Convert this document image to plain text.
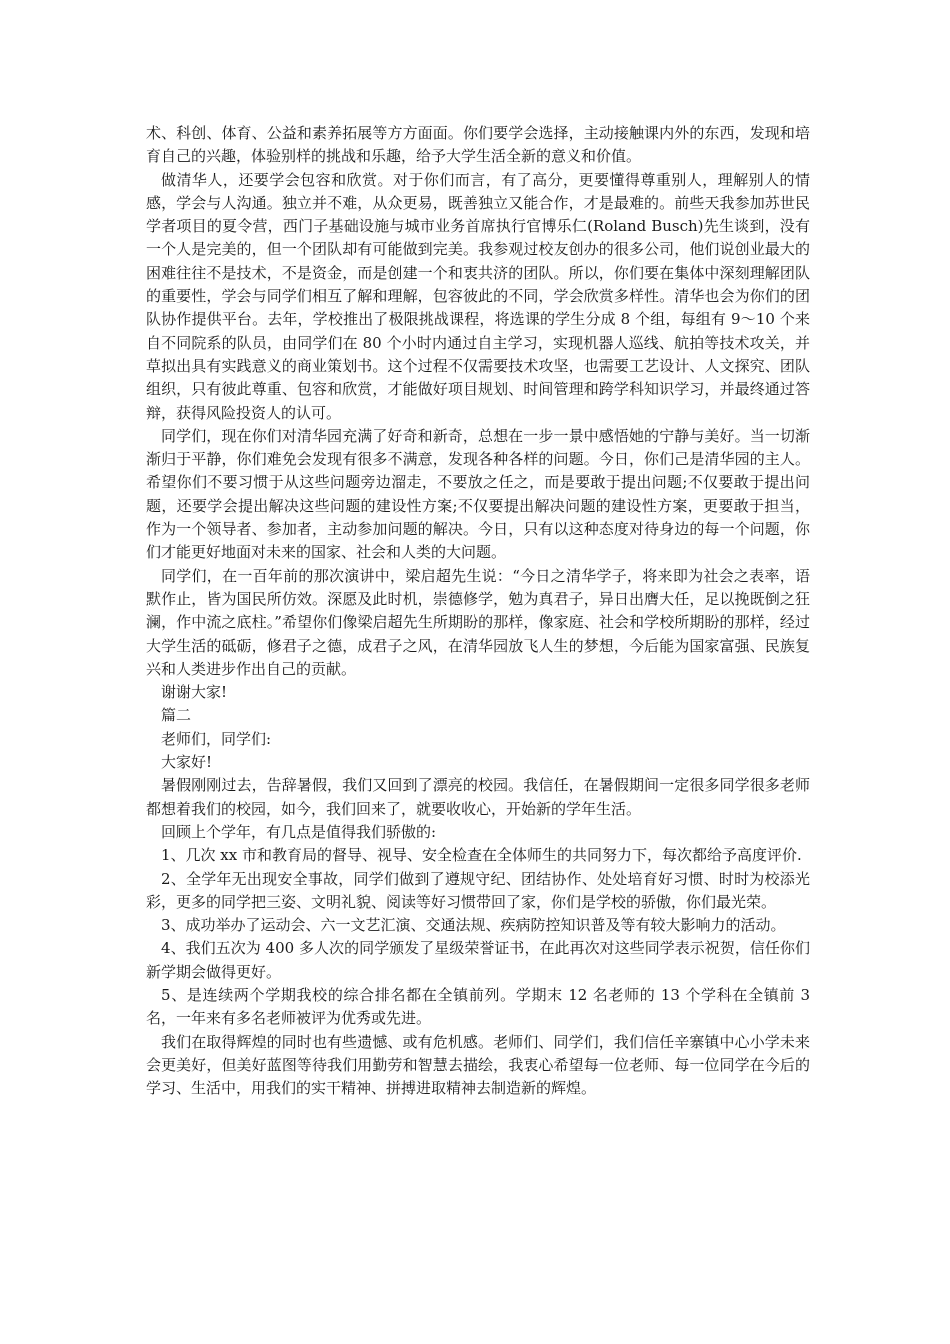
术、科创、体育、公益和素养拓展等方方面面。你们要学会选择，主动接触课内外的东西，发现和培育自己的兴趣，体验别样的挑战和乐趣，给予大学生活全新的意义和价值。

做清华人，还要学会包容和欣赏。对于你们而言，有了高分，更要懂得尊重别人，理解别人的情感，学会与人沟通。独立并不难，从众更易，既善独立又能合作，才是最难的。前些天我参加苏世民学者项目的夏令营，西门子基础设施与城市业务首席执行官博乐仁(Roland Busch)先生谈到，没有一个人是完美的，但一个团队却有可能做到完美。我参观过校友创办的很多公司，他们说创业最大的困难往往不是技术，不是资金，而是创建一个和衷共济的团队。所以，你们要在集体中深刻理解团队的重要性，学会与同学们相互了解和理解，包容彼此的不同，学会欣赏多样性。清华也会为你们的团队协作提供平台。去年，学校推出了极限挑战课程，将选课的学生分成 8 个组，每组有 9～10 个来自不同院系的队员，由同学们在 80 个小时内通过自主学习，实现机器人巡线、航拍等技术攻关，并草拟出具有实践意义的商业策划书。这个过程不仅需要技术攻坚，也需要工艺设计、人文探究、团队组织，只有彼此尊重、包容和欣赏，才能做好项目规划、时间管理和跨学科知识学习，并最终通过答辩，获得风险投资人的认可。

同学们，现在你们对清华园充满了好奇和新奇，总想在一步一景中感悟她的宁静与美好。当一切渐渐归于平静，你们难免会发现有很多不满意，发现各种各样的问题。今日，你们己是清华园的主人。希望你们不要习惯于从这些问题旁边溜走，不要放之任之，而是要敢于提出问题;不仅要敢于提出问题，还要学会提出解决这些问题的建设性方案;不仅要提出解决问题的建设性方案，更要敢于担当，作为一个领导者、参加者，主动参加问题的解决。今日，只有以这种态度对待身边的每一个问题，你们才能更好地面对未来的国家、社会和人类的大问题。

同学们，在一百年前的那次演讲中，梁启超先生说：“今日之清华学子，将来即为社会之表率，语默作止，皆为国民所仿效。深愿及此时机，崇德修学，勉为真君子，异日出膺大任，足以挽既倒之狂澜，作中流之底柱。”希望你们像梁启超先生所期盼的那样，像家庭、社会和学校所期盼的那样，经过大学生活的砥砺，修君子之德，成君子之风，在清华园放飞人生的梦想，今后能为国家富强、民族复兴和人类进步作出自己的贡献。

谢谢大家!

篇二

老师们，同学们:

大家好!

暑假刚刚过去，告辞暑假，我们又回到了漂亮的校园。我信任，在暑假期间一定很多同学很多老师都想着我们的校园，如今，我们回来了，就要收收心，开始新的学年生活。

回顾上个学年，有几点是值得我们骄傲的:

1、几次 xx 市和教育局的督导、视导、安全检查在全体师生的共同努力下，每次都给予高度评价.

2、全学年无出现安全事故，同学们做到了遵规守纪、团结协作、处处培育好习惯、时时为校添光彩，更多的同学把三姿、文明礼貌、阅读等好习惯带回了家，你们是学校的骄傲，你们最光荣。

3、成功举办了运动会、六一文艺汇演、交通法规、疾病防控知识普及等有较大影响力的活动。

4、我们五次为 400 多人次的同学颁发了星级荣誉证书，在此再次对这些同学表示祝贺，信任你们新学期会做得更好。

5、是连续两个学期我校的综合排名都在全镇前列。学期末 12 名老师的 13 个学科在全镇前 3 名，一年来有多名老师被评为优秀或先进。

我们在取得辉煌的同时也有些遗憾、或有危机感。老师们、同学们，我们信任辛寨镇中心小学未来会更美好，但美好蓝图等待我们用勤劳和智慧去描绘，我衷心希望每一位老师、每一位同学在今后的学习、生活中，用我们的实干精神、拼搏进取精神去制造新的辉煌。
